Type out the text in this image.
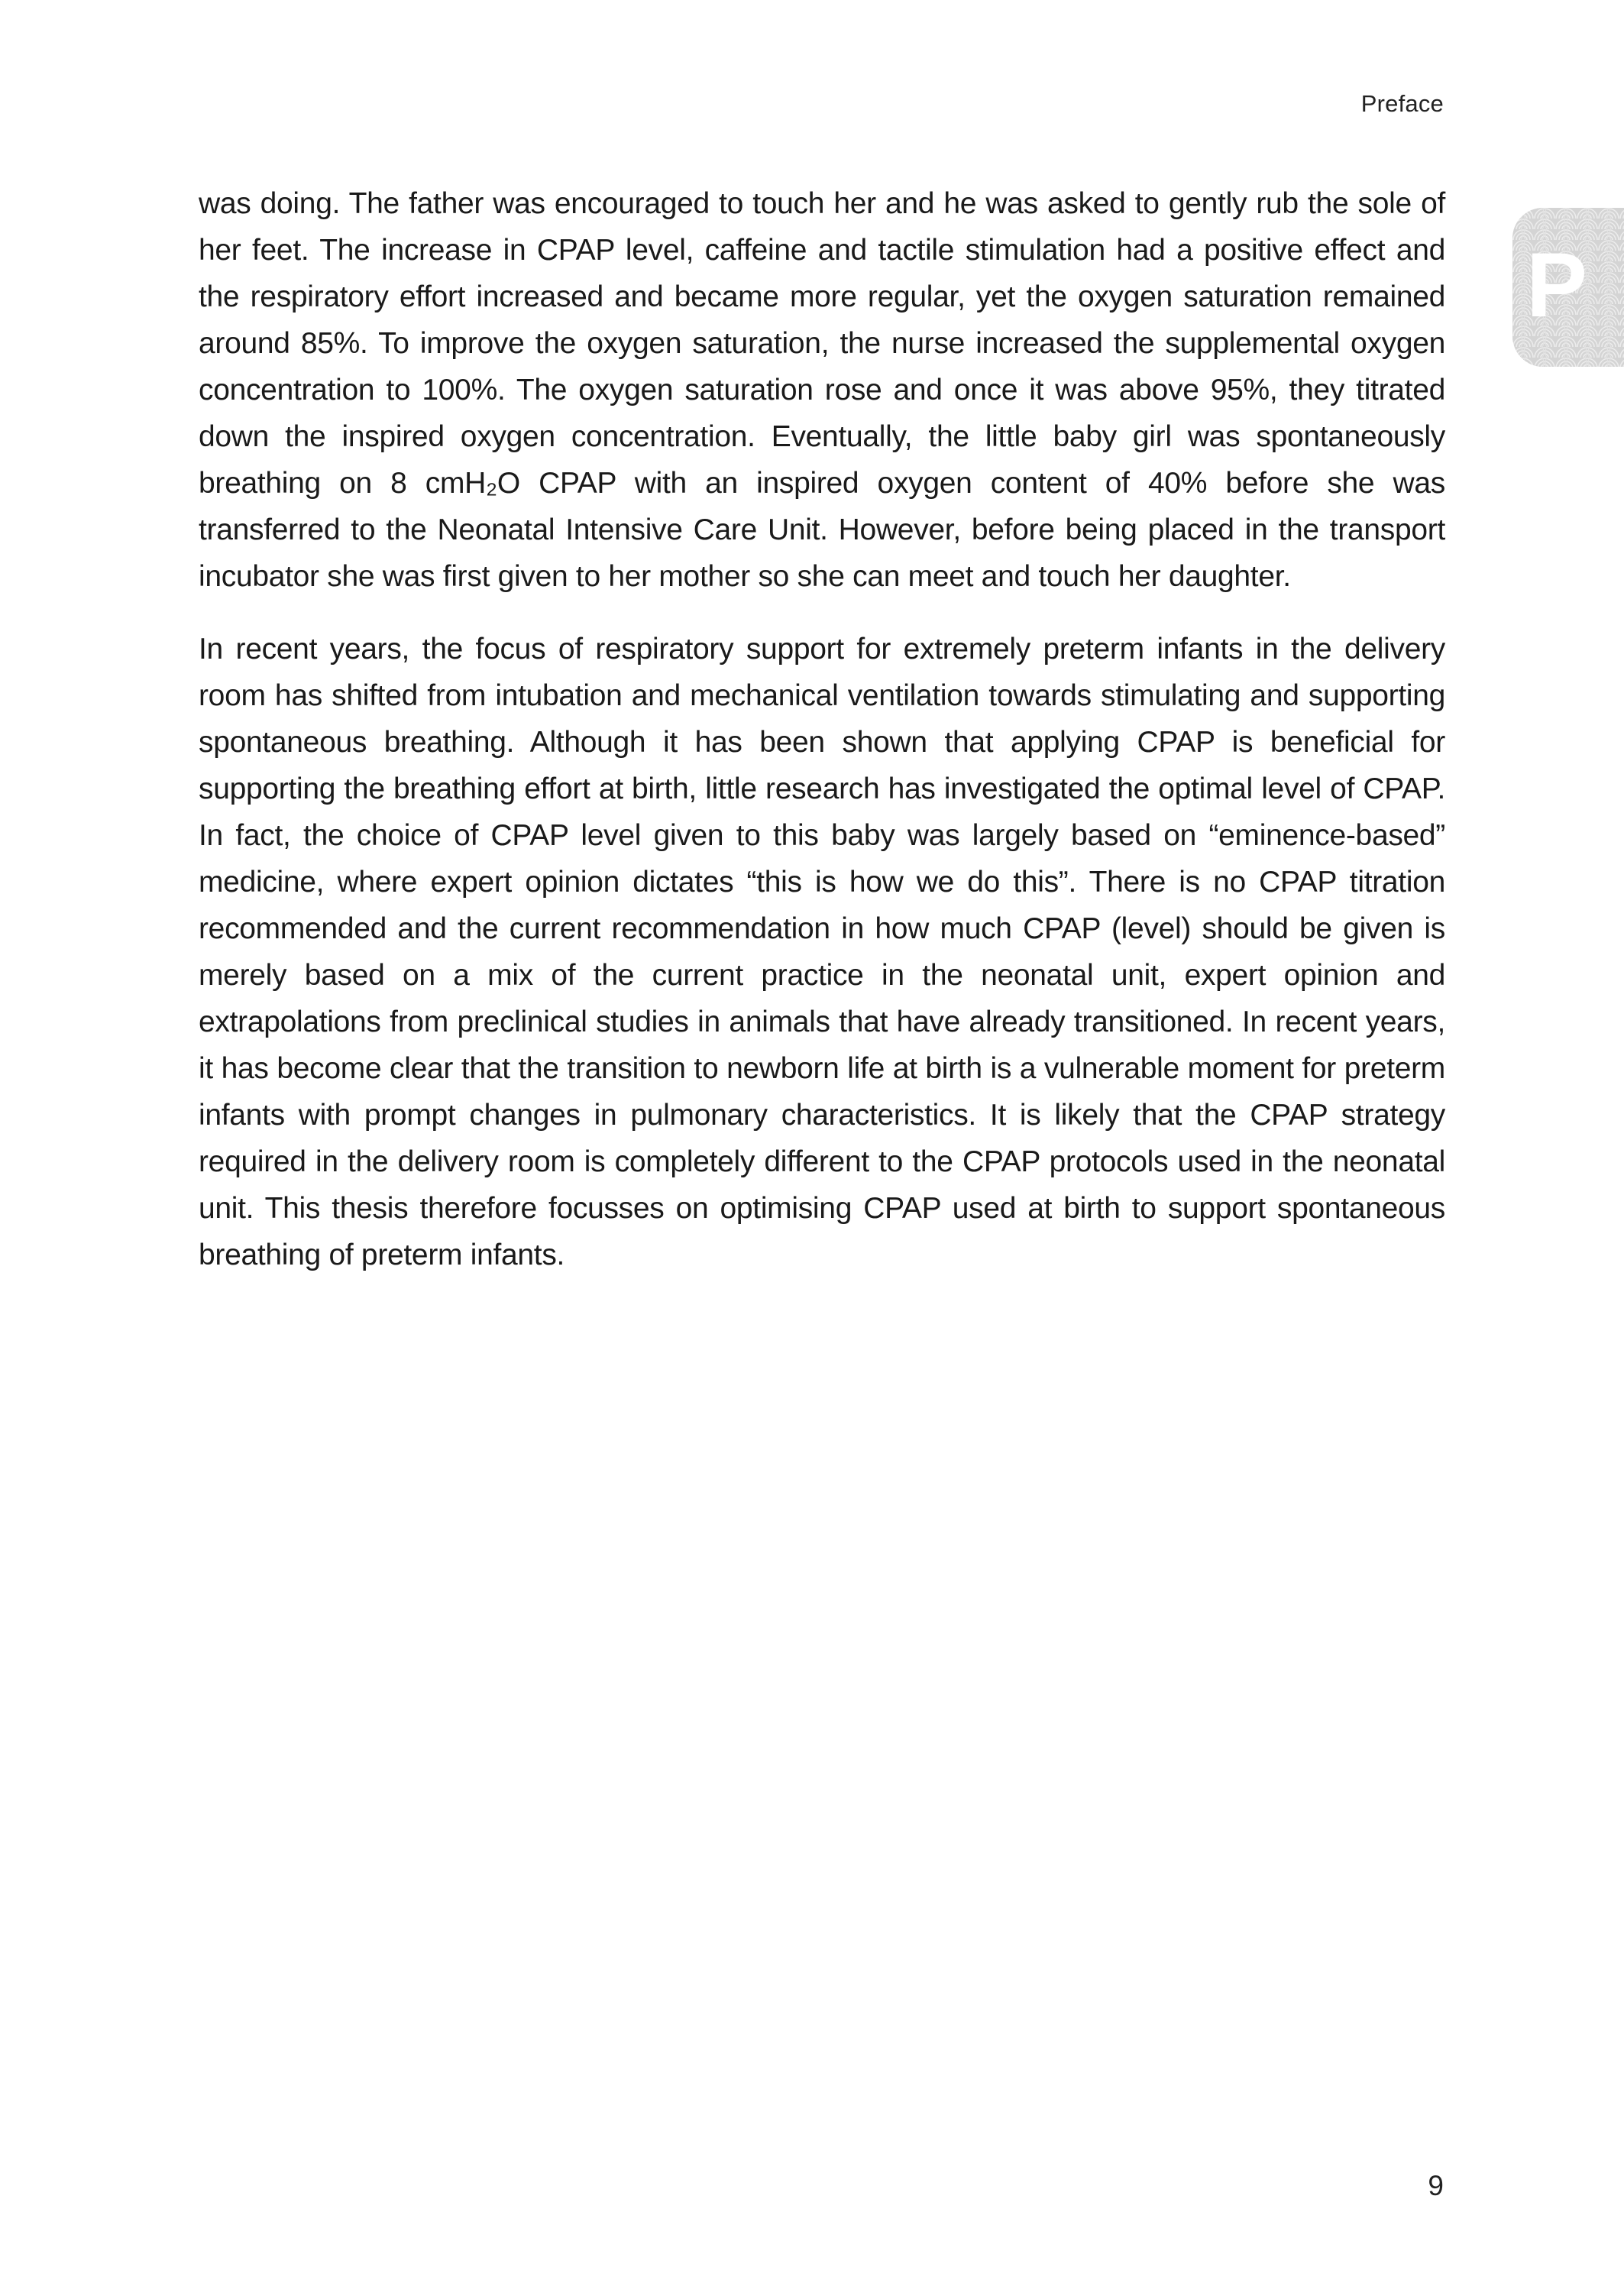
Preface
P

was doing. The father was encouraged to touch her and he was asked to gently rub the sole of her feet. The increase in CPAP level, caffeine and tactile stimulation had a positive effect and the respiratory effort increased and became more regular, yet the oxygen saturation remained around 85%. To improve the oxygen saturation, the nurse increased the supplemental oxygen concentration to 100%. The oxygen saturation rose and once it was above 95%, they titrated down the inspired oxygen concentration. Eventually, the little baby girl was spontaneously breathing on 8 cmH₂O CPAP with an inspired oxygen content of 40% before she was transferred to the Neonatal Intensive Care Unit. However, before being placed in the transport incubator she was first given to her mother so she can meet and touch her daughter.

In recent years, the focus of respiratory support for extremely preterm infants in the delivery room has shifted from intubation and mechanical ventilation towards stimulating and supporting spontaneous breathing. Although it has been shown that applying CPAP is beneficial for supporting the breathing effort at birth, little research has investigated the optimal level of CPAP. In fact, the choice of CPAP level given to this baby was largely based on “eminence-based” medicine, where expert opinion dictates “this is how we do this”. There is no CPAP titration recommended and the current recommendation in how much CPAP (level) should be given is merely based on a mix of the current practice in the neonatal unit, expert opinion and extrapolations from preclinical studies in animals that have already transitioned. In recent years, it has become clear that the transition to newborn life at birth is a vulnerable moment for preterm infants with prompt changes in pulmonary characteristics. It is likely that the CPAP strategy required in the delivery room is completely different to the CPAP protocols used in the neonatal unit. This thesis therefore focusses on optimising CPAP used at birth to support spontaneous breathing of preterm infants.

9
